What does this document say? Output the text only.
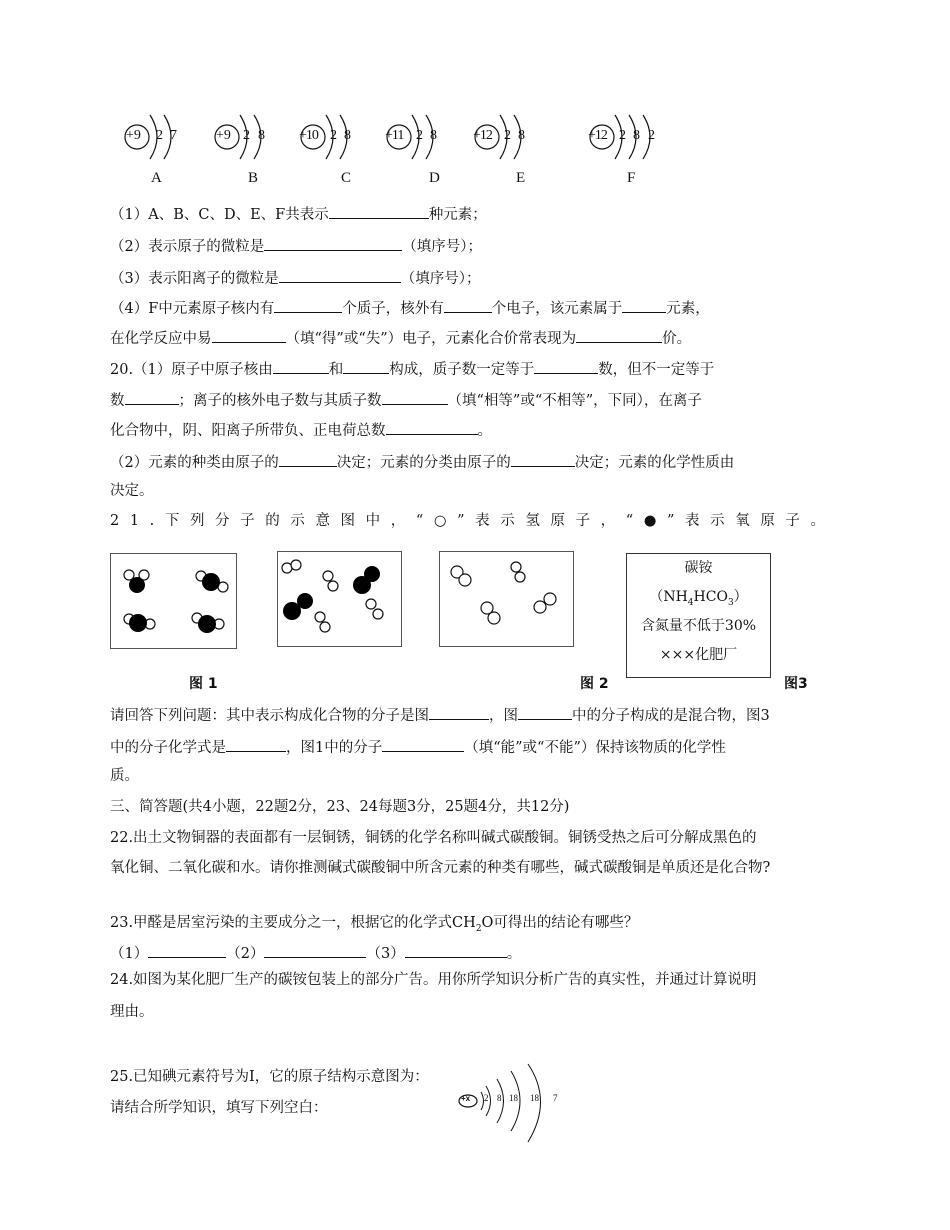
+9 2 7
A
+9 2 8
B
+10 2 8
C
+11 2 8
D
+12 2 8
E
+12 2 8 2
F
（1）A、B、C、D、E、F共表示	种元素；
（2）表示原子的微粒是	（填序号）；
（3）表示阳离子的微粒是	（填序号）；
（4）F中元素原子核内有	个质子，核外有	个电子，该元素属于	元素，
在化学反应中易	（填“得”或“失”）电子，元素化合价常表现为	价。
20.（1）原子中原子核由	和	构成，质子数一定等于	数，但不一定等于
数	；离子的核外电子数与其质子数	（填“相等”或“不相等”，下同），在离子
化合物中，阴、阳离子所带负、正电荷总数	。
（2）元素的种类由原子的	决定；元素的分类由原子的	决定；元素的化学性质由
决定。
21.下列分子的示意图中，“○”表示氢原子，“●”表示氧原子。
碳铵
$(NH_4HCO_3)$
含氮量不低于30%
×××化肥厂
图 1	图 2	图3
请回答下列问题：其中表示构成化合物的分子是图	，图	中的分子构成的是混合物，图3
中的分子化学式是	，图1中的分子	（填“能”或“不能”）保持该物质的化学性
质。
三、简答题(共4小题，22题2分，23、24每题3分，25题4分，共12分)
22.出土文物铜器的表面都有一层铜锈，铜锈的化学名称叫碱式碳酸铜。铜锈受热之后可分解成黑色的
氧化铜、二氧化碳和水。请你推测碱式碳酸铜中所含元素的种类有哪些，碱式碳酸铜是单质还是化合物?
23.甲醛是居室污染的主要成分之一，根据它的化学式$CH_2O$可得出的结论有哪些？
（1）	（2）	（3）	。
24.如图为某化肥厂生产的碳铵包装上的部分广告。用你所学知识分析广告的真实性，并通过计算说明
理由。
25.已知碘元素符号为I，它的原子结构示意图为：
请结合所学知识，填写下列空白：
+x 2 8 18 18 7
